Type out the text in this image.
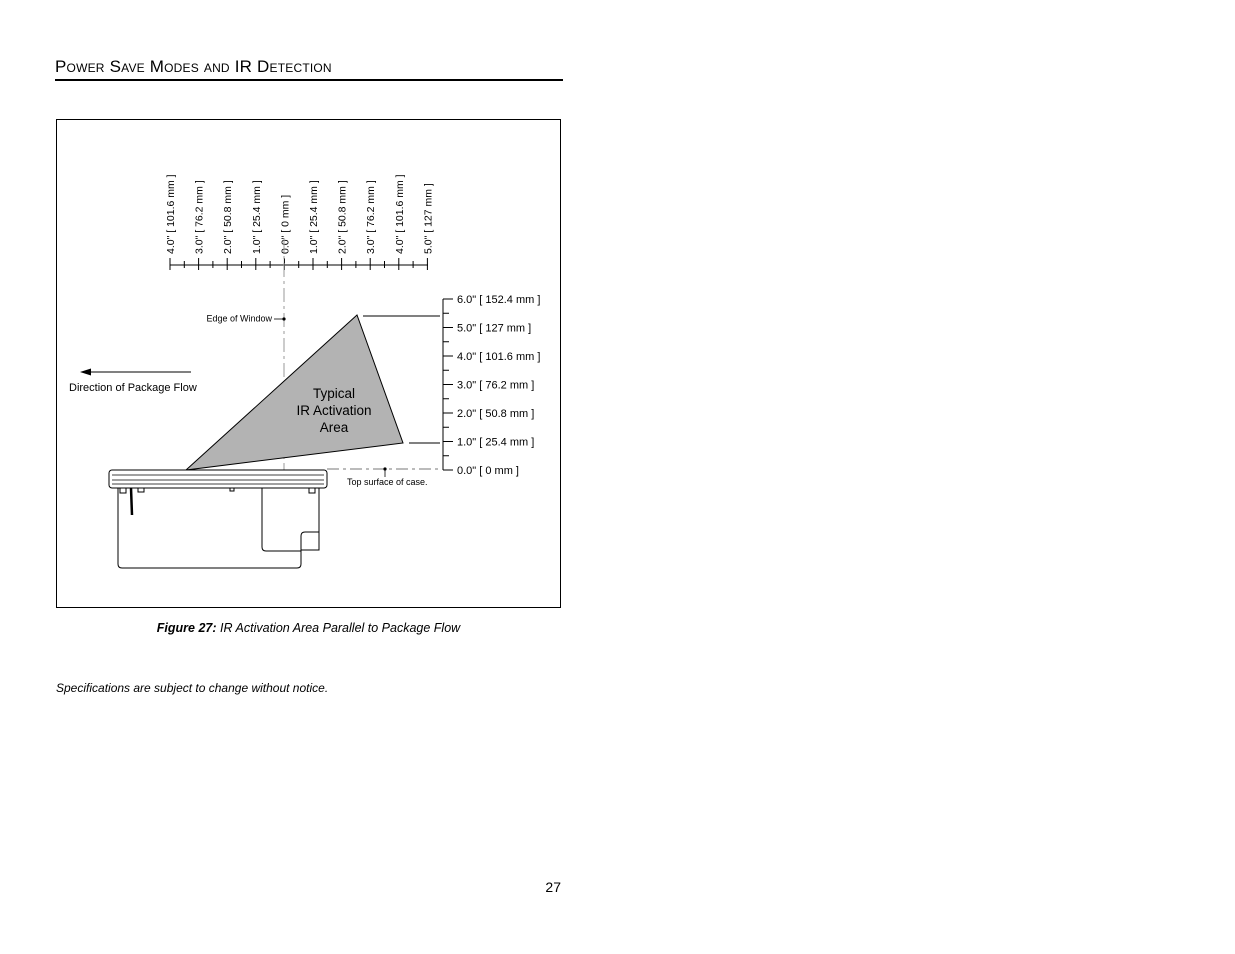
Power Save Modes and IR Detection
4.0" [ 101.6 mm ] 3.0" [ 76.2 mm ] 2.0" [ 50.8 mm ] 1.0" [ 25.4 mm ] 0.0" [ 0 mm ] 1.0" [ 25.4 mm ] 2.0" [ 50.8 mm ] 3.0" [ 76.2 mm ] 4.0" [ 101.6 mm ] 5.0" [ 127 mm ]
Edge of Window
Typical
IR Activation
Area
Top surface of case.
6.0" [ 152.4 mm ]
5.0" [ 127 mm ]
4.0" [ 101.6 mm ]
3.0" [ 76.2 mm ]
2.0" [ 50.8 mm ]
1.0" [ 25.4 mm ]
0.0" [ 0 mm ]
Direction of Package Flow
Figure 27: IR Activation Area Parallel to Package Flow
Specifications are subject to change without notice.
27
